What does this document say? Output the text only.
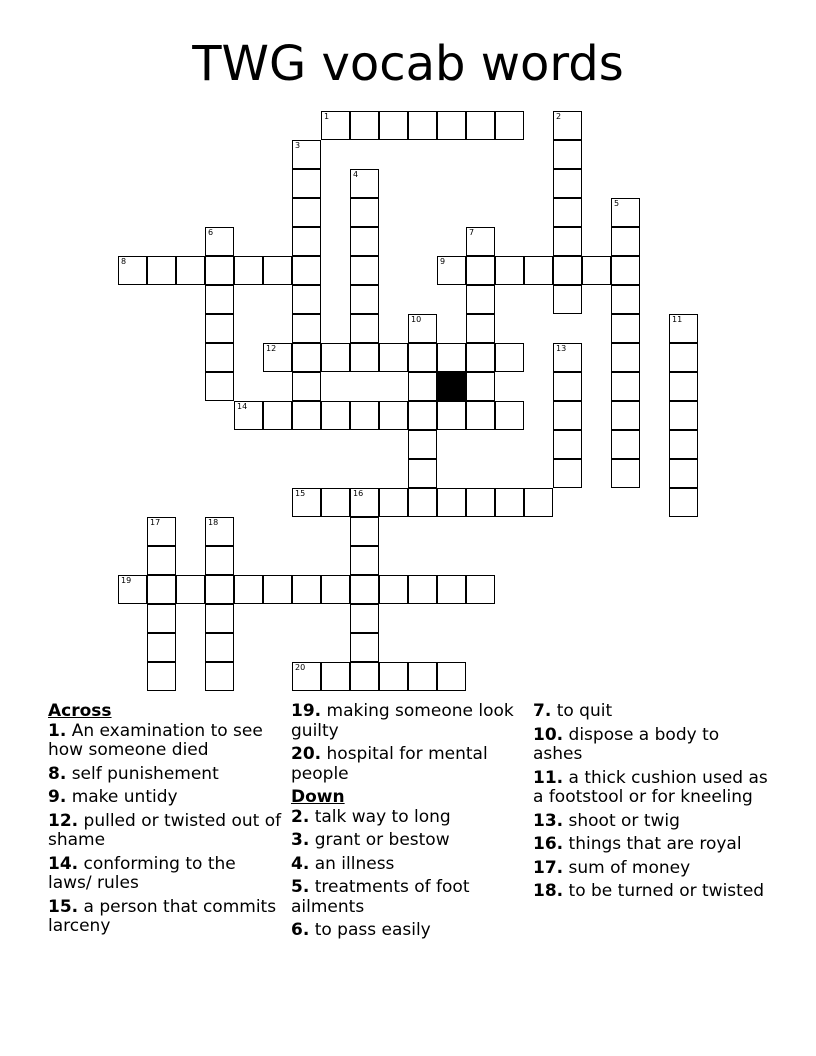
TWG vocab words
1	2
3
4
5
6	7
8	9
10	11
12	13
14
15	16
17	18
19
20
Across
1. An examination to see how someone died
8. self punishement
9. make untidy
12. pulled or twisted out of shame
14. conforming to the laws/ rules
15. a person that commits larceny
19. making someone look guilty
20. hospital for mental people
Down
2. talk way to long
3. grant or bestow
4. an illness
5. treatments of foot ailments
6. to pass easily
7. to quit
10. dispose a body to ashes
11. a thick cushion used as a footstool or for kneeling
13. shoot or twig
16. things that are royal
17. sum of money
18. to be turned or twisted
